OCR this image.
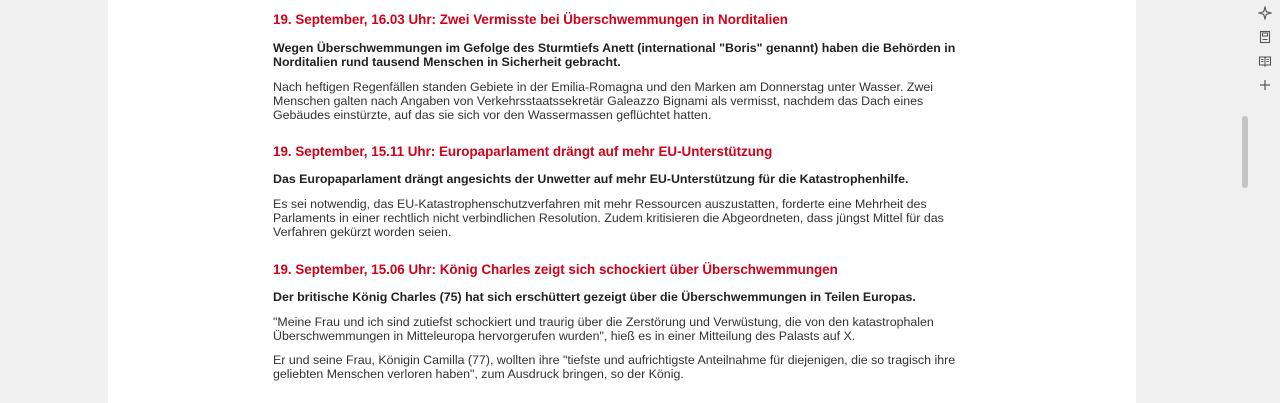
19. September, 16.03 Uhr: Zwei Vermisste bei Überschwemmungen in Norditalien

Wegen Überschwemmungen im Gefolge des Sturmtiefs Anett (international "Boris" genannt) haben die Behörden in Norditalien rund tausend Menschen in Sicherheit gebracht.

Nach heftigen Regenfällen standen Gebiete in der Emilia-Romagna und den Marken am Donnerstag unter Wasser. Zwei Menschen galten nach Angaben von Verkehrsstaatssekretär Galeazzo Bignami als vermisst, nachdem das Dach eines Gebäudes einstürzte, auf das sie sich vor den Wassermassen geflüchtet hatten.

19. September, 15.11 Uhr: Europaparlament drängt auf mehr EU-Unterstützung

Das Europaparlament drängt angesichts der Unwetter auf mehr EU-Unterstützung für die Katastrophenhilfe.

Es sei notwendig, das EU-Katastrophenschutzverfahren mit mehr Ressourcen auszustatten, forderte eine Mehrheit des Parlaments in einer rechtlich nicht verbindlichen Resolution. Zudem kritisieren die Abgeordneten, dass jüngst Mittel für das Verfahren gekürzt worden seien.

19. September, 15.06 Uhr: König Charles zeigt sich schockiert über Überschwemmungen

Der britische König Charles (75) hat sich erschüttert gezeigt über die Überschwemmungen in Teilen Europas.

"Meine Frau und ich sind zutiefst schockiert und traurig über die Zerstörung und Verwüstung, die von den katastrophalen Überschwemmungen in Mitteleuropa hervorgerufen wurden", hieß es in einer Mitteilung des Palasts auf X.

Er und seine Frau, Königin Camilla (77), wollten ihre "tiefste und aufrichtigste Anteilnahme für diejenigen, die so tragisch ihre geliebten Menschen verloren haben", zum Ausdruck bringen, so der König.
